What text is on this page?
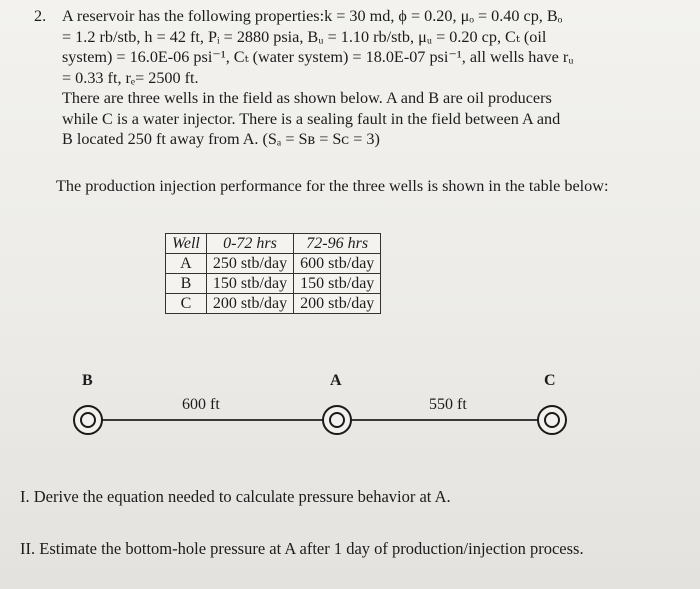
2. A reservoir has the following properties:k = 30 md, ϕ = 0.20, μₒ = 0.40 cp, Bₒ
= 1.2 rb/stb, h = 42 ft, Pᵢ = 2880 psia, Bᵤ = 1.10 rb/stb, μᵤ = 0.20 cp, Cₜ (oil
system) = 16.0E-06 psi⁻¹, Cₜ (water system) = 18.0E-07 psi⁻¹, all wells have rᵤ
= 0.33 ft, rₑ= 2500 ft.
There are three wells in the field as shown below. A and B are oil producers
while C is a water injector. There is a sealing fault in the field between A and
B located 250 ft away from A. (Sₐ = Sʙ = Sᴄ = 3)
The production injection performance for the three wells is shown in the table below:
Well	0-72 hrs	72-96 hrs
A	250 stb/day	600 stb/day
B	150 stb/day	150 stb/day
C	200 stb/day	200 stb/day
B	A	C
600 ft	550 ft
I. Derive the equation needed to calculate pressure behavior at A.
II. Estimate the bottom-hole pressure at A after 1 day of production/injection process.
